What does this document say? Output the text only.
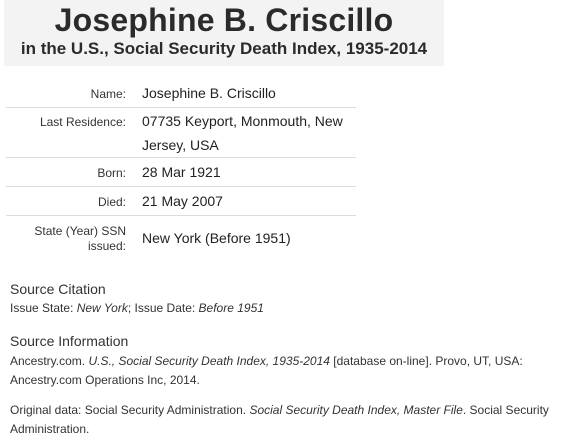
Josephine B. Criscillo
in the U.S., Social Security Death Index, 1935-2014
Name: Josephine B. Criscillo
Last Residence: 07735 Keyport, Monmouth, New
Jersey, USA
Born: 28 Mar 1921
Died: 21 May 2007
State (Year) SSN
issued: New York (Before 1951)
Source Citation
Issue State: New York; Issue Date: Before 1951
Source Information
Ancestry.com. U.S., Social Security Death Index, 1935-2014 [database on-line]. Provo, UT, USA:
Ancestry.com Operations Inc, 2014.
Original data: Social Security Administration. Social Security Death Index, Master File. Social Security
Administration.
